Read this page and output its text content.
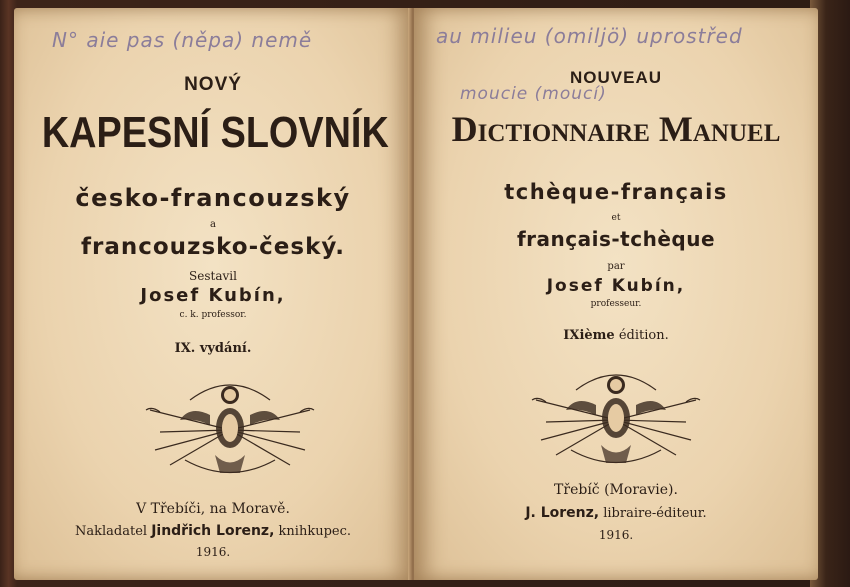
N° aie pas (něpa) nemě
NOVÝ
KAPESNÍ SLOVNÍK
česko-francouzský
a
francouzsko-český.
Sestavil
Josef Kubín,
c. k. professor.
IX. vydání.
V Třebíči, na Moravě.
Nakladatel Jindřich Lorenz, knihkupec.
1916.
au milieu (omiljö) uprostřed
moucie (moucí)
NOUVEAU
Dictionnaire Manuel
tchèque-français
et
français-tchèque
par
Josef Kubín,
professeur.
IXième édition.
Třebíč (Moravie).
J. Lorenz, libraire-éditeur.
1916.
